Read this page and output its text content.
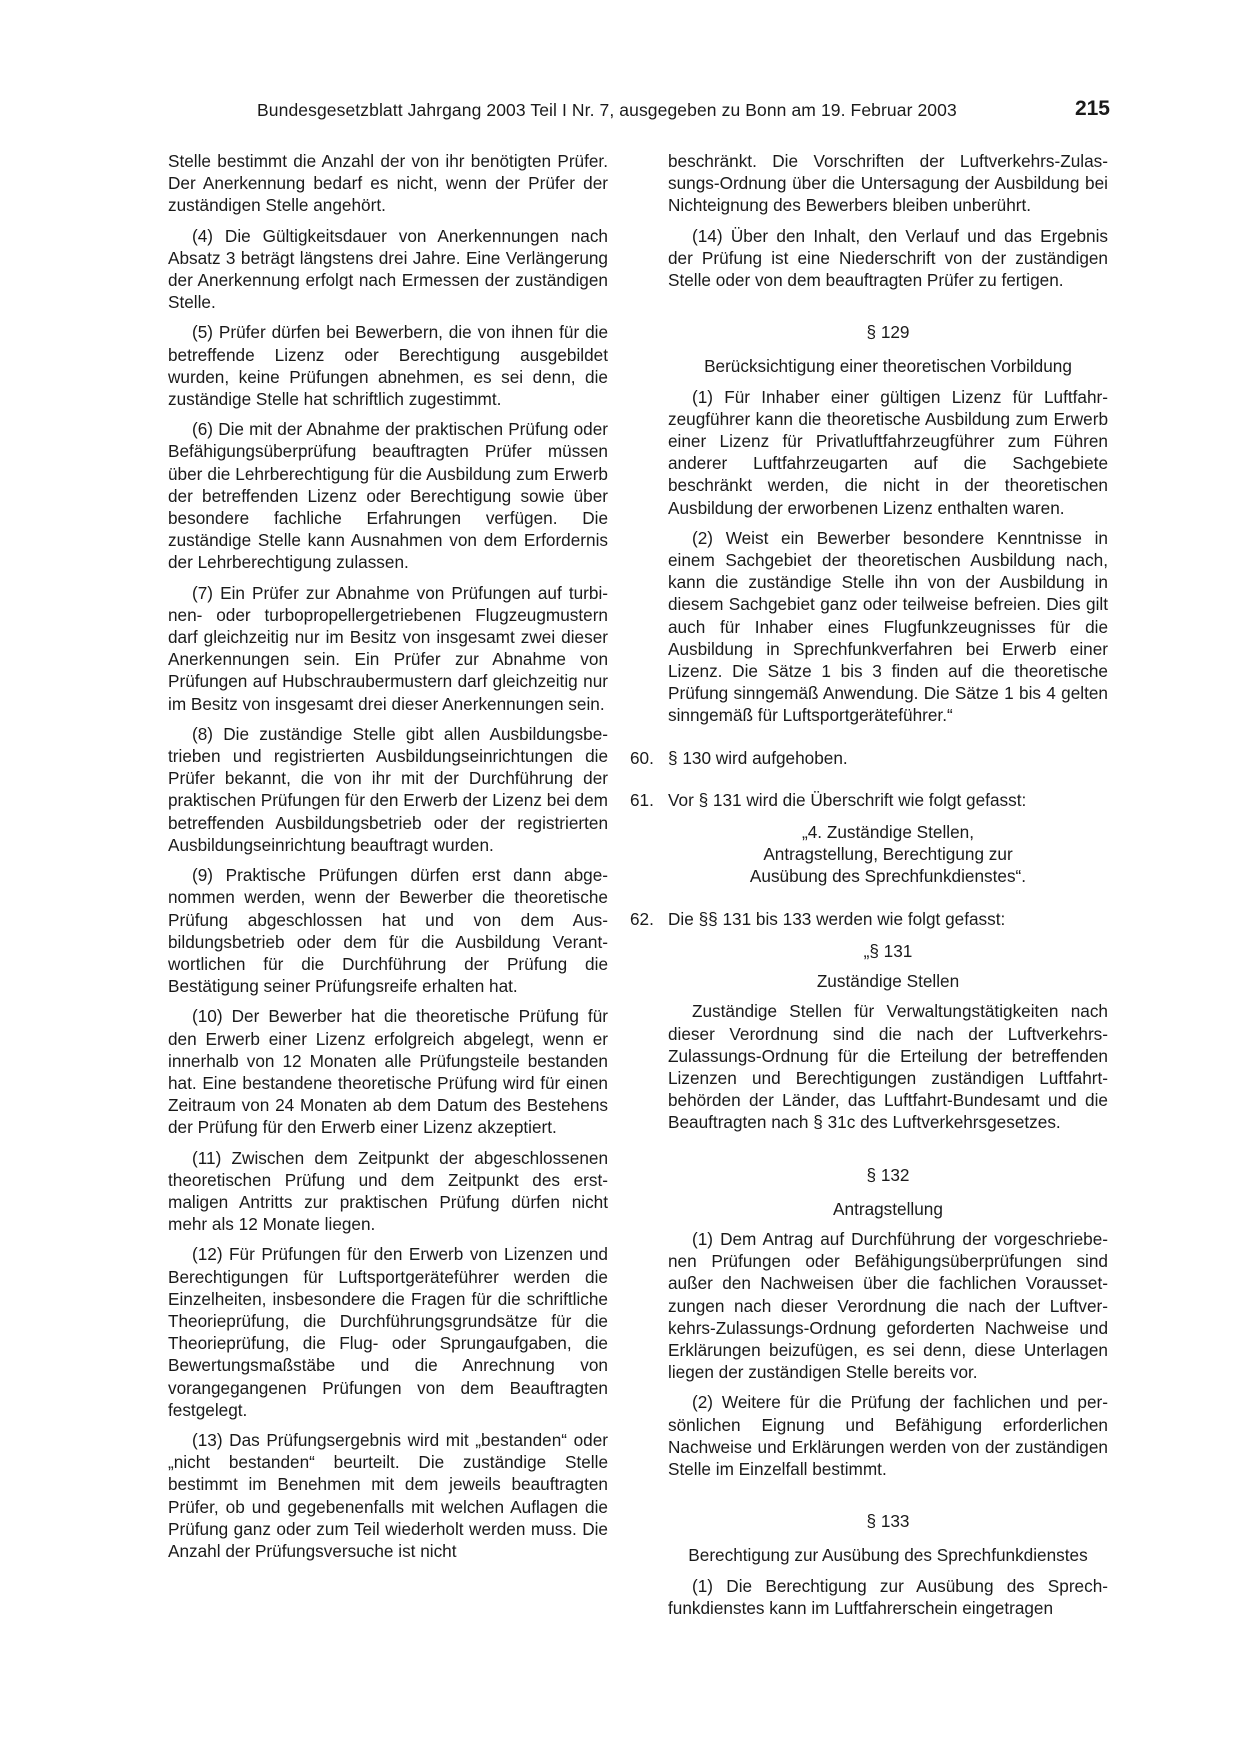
Bundesgesetzblatt Jahrgang 2003 Teil I Nr. 7, ausgegeben zu Bonn am 19. Februar 2003	215

Stelle bestimmt die Anzahl der von ihr benötigten Prüfer. Der Anerkennung bedarf es nicht, wenn der Prüfer der zuständigen Stelle angehört.

(4) Die Gültigkeitsdauer von Anerkennungen nach Absatz 3 beträgt längstens drei Jahre. Eine Verlängerung der Anerkennung erfolgt nach Ermessen der zuständigen Stelle.

(5) Prüfer dürfen bei Bewerbern, die von ihnen für die betreffende Lizenz oder Berechtigung ausgebildet wurden, keine Prüfungen abnehmen, es sei denn, die zuständige Stelle hat schriftlich zugestimmt.

(6) Die mit der Abnahme der praktischen Prüfung oder Befähigungsüberprüfung beauftragten Prüfer müssen über die Lehrberechtigung für die Ausbildung zum Erwerb der betreffenden Lizenz oder Berechtigung sowie über besondere fachliche Erfahrungen verfügen. Die zuständige Stelle kann Ausnahmen von dem Erfordernis der Lehrberechtigung zulassen.

(7) Ein Prüfer zur Abnahme von Prüfungen auf turbinen- oder turbopropellergetriebenen Flugzeugmustern darf gleichzeitig nur im Besitz von insgesamt zwei dieser Anerkennungen sein. Ein Prüfer zur Abnahme von Prüfungen auf Hubschraubermustern darf gleichzeitig nur im Besitz von insgesamt drei dieser Anerkennungen sein.

(8) Die zuständige Stelle gibt allen Ausbildungsbetrieben und registrierten Ausbildungseinrichtungen die Prüfer bekannt, die von ihr mit der Durchführung der praktischen Prüfungen für den Erwerb der Lizenz bei dem betreffenden Ausbildungsbetrieb oder der registrierten Ausbildungseinrichtung beauftragt wurden.

(9) Praktische Prüfungen dürfen erst dann abgenommen werden, wenn der Bewerber die theoretische Prüfung abgeschlossen hat und von dem Ausbildungsbetrieb oder dem für die Ausbildung Verantwortlichen für die Durchführung der Prüfung die Bestätigung seiner Prüfungsreife erhalten hat.

(10) Der Bewerber hat die theoretische Prüfung für den Erwerb einer Lizenz erfolgreich abgelegt, wenn er innerhalb von 12 Monaten alle Prüfungsteile bestanden hat. Eine bestandene theoretische Prüfung wird für einen Zeitraum von 24 Monaten ab dem Datum des Bestehens der Prüfung für den Erwerb einer Lizenz akzeptiert.

(11) Zwischen dem Zeitpunkt der abgeschlossenen theoretischen Prüfung und dem Zeitpunkt des erstmaligen Antritts zur praktischen Prüfung dürfen nicht mehr als 12 Monate liegen.

(12) Für Prüfungen für den Erwerb von Lizenzen und Berechtigungen für Luftsportgeräteführer werden die Einzelheiten, insbesondere die Fragen für die schriftliche Theorieprüfung, die Durchführungsgrundsätze für die Theorieprüfung, die Flug- oder Sprungaufgaben, die Bewertungsmaßstäbe und die Anrechnung von vorangegangenen Prüfungen von dem Beauftragten festgelegt.

(13) Das Prüfungsergebnis wird mit „bestanden“ oder „nicht bestanden“ beurteilt. Die zuständige Stelle bestimmt im Benehmen mit dem jeweils beauftragten Prüfer, ob und gegebenenfalls mit welchen Auflagen die Prüfung ganz oder zum Teil wiederholt werden muss. Die Anzahl der Prüfungsversuche ist nicht

beschränkt. Die Vorschriften der Luftverkehrs-Zulassungs-Ordnung über die Untersagung der Ausbildung bei Nichteignung des Bewerbers bleiben unberührt.

(14) Über den Inhalt, den Verlauf und das Ergebnis der Prüfung ist eine Niederschrift von der zuständigen Stelle oder von dem beauftragten Prüfer zu fertigen.

§ 129

Berücksichtigung einer theoretischen Vorbildung

(1) Für Inhaber einer gültigen Lizenz für Luftfahrzeugführer kann die theoretische Ausbildung zum Erwerb einer Lizenz für Privatluftfahrzeugführer zum Führen anderer Luftfahrzeugarten auf die Sachgebiete beschränkt werden, die nicht in der theoretischen Ausbildung der erworbenen Lizenz enthalten waren.

(2) Weist ein Bewerber besondere Kenntnisse in einem Sachgebiet der theoretischen Ausbildung nach, kann die zuständige Stelle ihn von der Ausbildung in diesem Sachgebiet ganz oder teilweise befreien. Dies gilt auch für Inhaber eines Flugfunkzeugnisses für die Ausbildung in Sprechfunkverfahren bei Erwerb einer Lizenz. Die Sätze 1 bis 3 finden auf die theoretische Prüfung sinngemäß Anwendung. Die Sätze 1 bis 4 gelten sinngemäß für Luftsportgeräteführer.“

60. § 130 wird aufgehoben.
61. Vor § 131 wird die Überschrift wie folgt gefasst:
„4. Zuständige Stellen,
Antragstellung, Berechtigung zur
Ausübung des Sprechfunkdienstes“.
62. Die §§ 131 bis 133 werden wie folgt gefasst:

„§ 131

Zuständige Stellen

Zuständige Stellen für Verwaltungstätigkeiten nach dieser Verordnung sind die nach der Luftverkehrs-Zulassungs-Ordnung für die Erteilung der betreffenden Lizenzen und Berechtigungen zuständigen Luftfahrtbehörden der Länder, das Luftfahrt-Bundesamt und die Beauftragten nach § 31c des Luftverkehrsgesetzes.

§ 132

Antragstellung

(1) Dem Antrag auf Durchführung der vorgeschriebenen Prüfungen oder Befähigungsüberprüfungen sind außer den Nachweisen über die fachlichen Voraussetzungen nach dieser Verordnung die nach der Luftverkehrs-Zulassungs-Ordnung geforderten Nachweise und Erklärungen beizufügen, es sei denn, diese Unterlagen liegen der zuständigen Stelle bereits vor.

(2) Weitere für die Prüfung der fachlichen und persönlichen Eignung und Befähigung erforderlichen Nachweise und Erklärungen werden von der zuständigen Stelle im Einzelfall bestimmt.

§ 133

Berechtigung zur Ausübung des Sprechfunkdienstes

(1) Die Berechtigung zur Ausübung des Sprechfunkdienstes kann im Luftfahrerschein eingetragen
